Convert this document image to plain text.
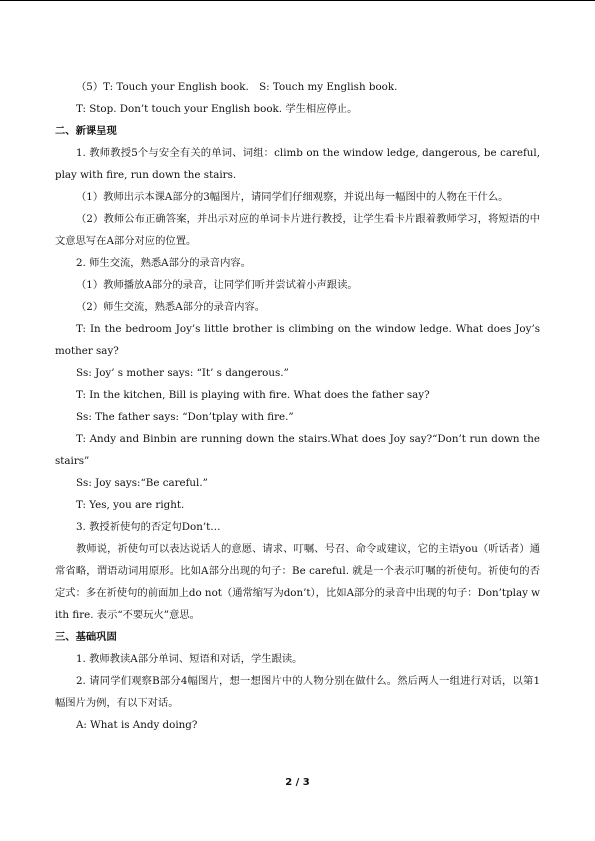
（5）T: Touch your English book.　S: Touch my English book.

T: Stop. Don’t touch your English book. 学生相应停止。

二、新课呈现

1. 教师教授5个与安全有关的单词、词组：climb on the window ledge, dangerous, be careful, play with fire, run down the stairs.

（1）教师出示本课A部分的3幅图片，请同学们仔细观察，并说出每一幅图中的人物在干什么。

（2）教师公布正确答案，并出示对应的单词卡片进行教授，让学生看卡片跟着教师学习，将短语的中文意思写在A部分对应的位置。

2. 师生交流，熟悉A部分的录音内容。

（1）教师播放A部分的录音，让同学们听并尝试着小声跟读。

（2）师生交流，熟悉A部分的录音内容。

T: In the bedroom Joy’s little brother is climbing on the window ledge. What does Joy’s mother say?

Ss: Joy’ s mother says: “It’ s dangerous.”

T: In the kitchen, Bill is playing with fire. What does the father say?

Ss: The father says: “Don’tplay with fire.”

T: Andy and Binbin are running down the stairs.What does Joy say?“Don’t run down the stairs”

Ss: Joy says:“Be careful.”

T: Yes, you are right.

3. 教授祈使句的否定句Don’t…

教师说，祈使句可以表达说话人的意愿、请求、叮嘱、号召、命令或建议，它的主语you（听话者）通常省略，谓语动词用原形。比如A部分出现的句子：Be careful. 就是一个表示叮嘱的祈使句。祈使句的否定式：多在祈使句的前面加上do not（通常缩写为don’t），比如A部分的录音中出现的句子：Don’tplay with fire. 表示“不要玩火”意思。

三、基础巩固

1. 教师教读A部分单词、短语和对话，学生跟读。

2. 请同学们观察B部分4幅图片，想一想图片中的人物分别在做什么。然后两人一组进行对话，以第1幅图片为例，有以下对话。

A: What is Andy doing?

2 / 3
